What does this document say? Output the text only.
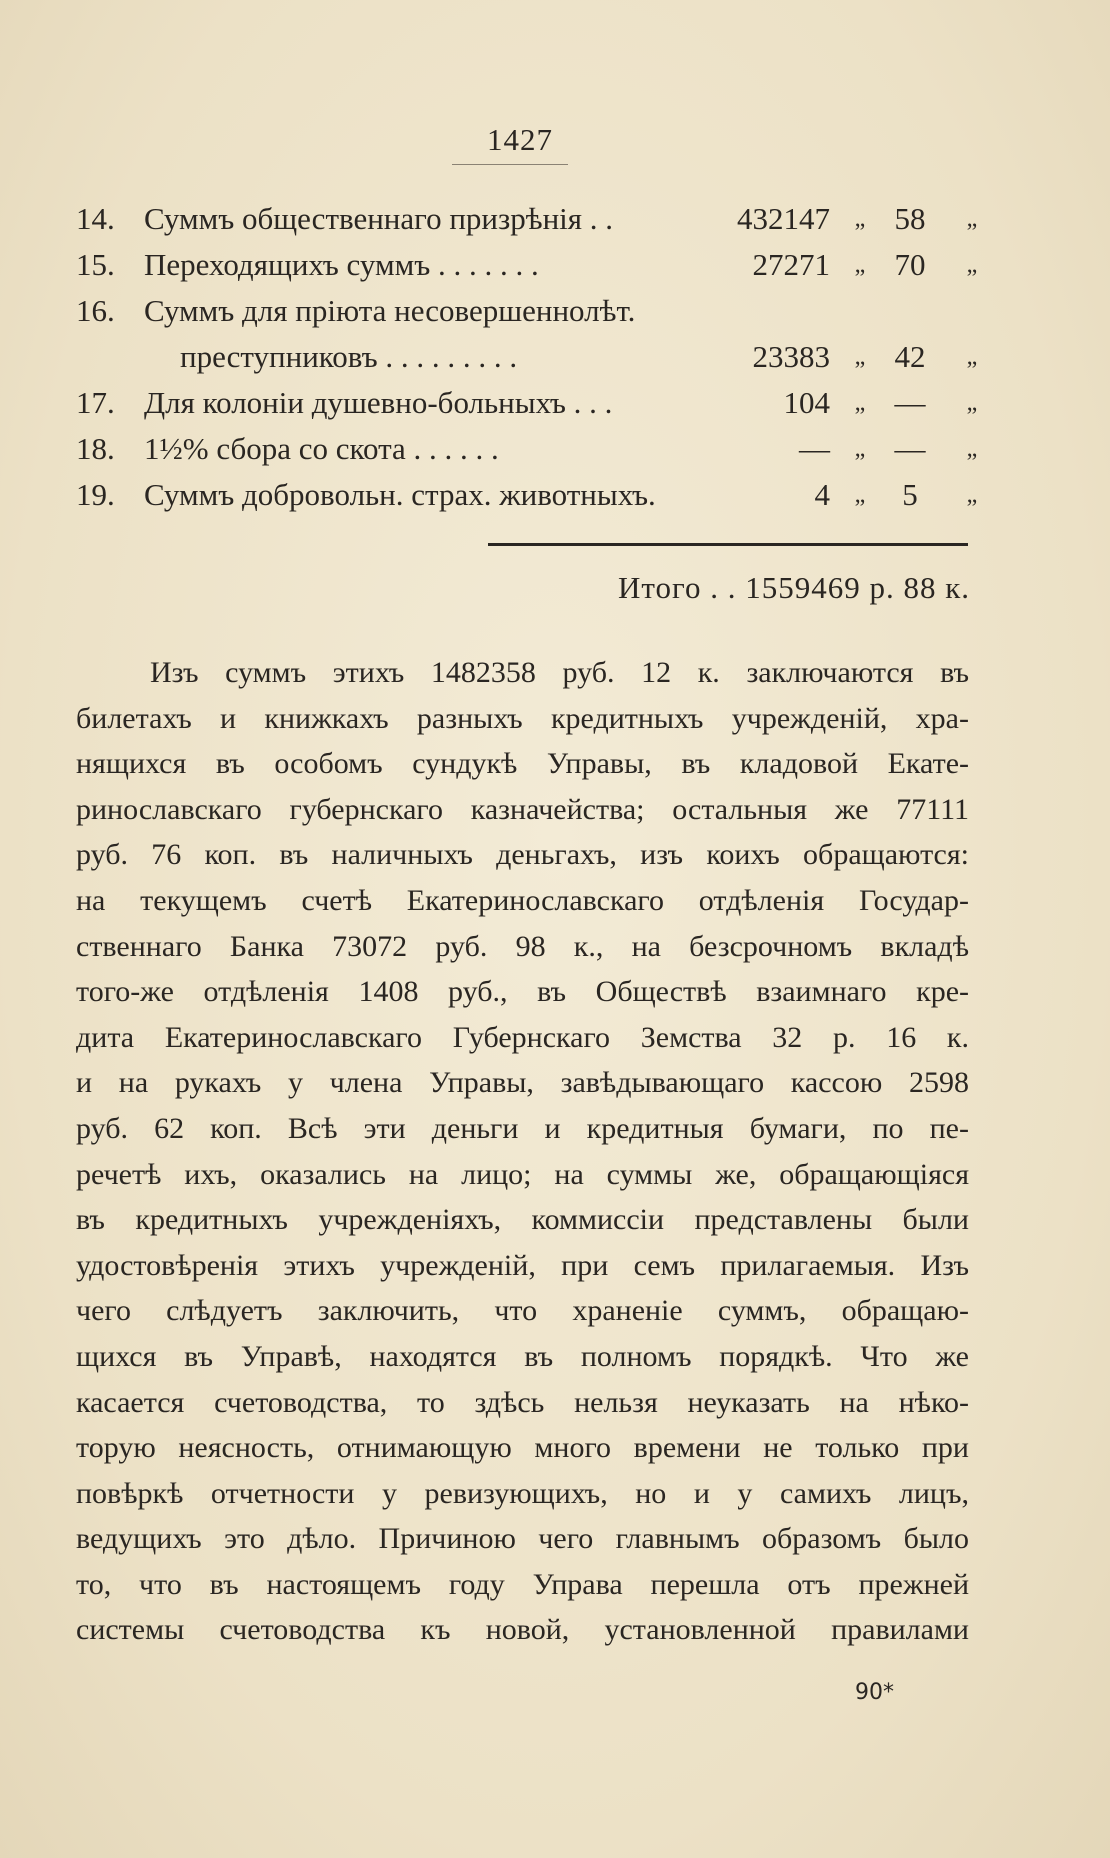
1427
14. Суммъ общественнаго призрѣнія . .	432147 „ 58	„
15. Переходящихъ суммъ . . . . . . .	27271 „ 70	„
16. Суммъ для пріюта несовершеннолѣт.
преступниковъ . . . . . . . . .	23383 „ 42	„
17. Для колоніи душевно-больныхъ . . .	104 „ —	„
18. 1½% сбора со скота . . . . . .	— „ —	„
19. Суммъ добровольн. страх. животныхъ.	4 „	5	„
Итого . . 1559469 р. 88 к.
Изъ суммъ этихъ 1482358 руб. 12 к. заключаются въ
билетахъ и книжкахъ разныхъ кредитныхъ учрежденій, хра-
нящихся въ особомъ сундукѣ Управы, въ кладовой Екате-
ринославскаго губернскаго казначейства; остальныя же 77111
руб. 76 коп. въ наличныхъ деньгахъ, изъ коихъ обращаются:
на текущемъ счетѣ Екатеринославскаго отдѣленія Государ-
ственнаго Банка 73072 руб. 98 к., на безсрочномъ вкладѣ
того-же отдѣленія 1408 руб., въ Обществѣ взаимнаго кре-
дита Екатеринославскаго Губернскаго Земства 32 р. 16 к.
и на рукахъ у члена Управы, завѣдывающаго кассою 2598
руб. 62 коп. Всѣ эти деньги и кредитныя бумаги, по пе-
речетѣ ихъ, оказались на лицо; на суммы же, обращающіяся
въ кредитныхъ учрежденіяхъ, коммиссіи представлены были
удостовѣренія этихъ учрежденій, при семъ прилагаемыя. Изъ
чего слѣдуетъ заключить, что храненіе суммъ, обращаю-
щихся въ Управѣ, находятся въ полномъ порядкѣ. Что же
касается счетоводства, то здѣсь нельзя неуказать на нѣко-
торую неясность, отнимающую много времени не только при
повѣркѣ отчетности у ревизующихъ, но и у самихъ лицъ,
ведущихъ это дѣло. Причиною чего главнымъ образомъ было
то, что въ настоящемъ году Управа перешла отъ прежней
системы счетоводства къ новой, установленной правилами
90*
